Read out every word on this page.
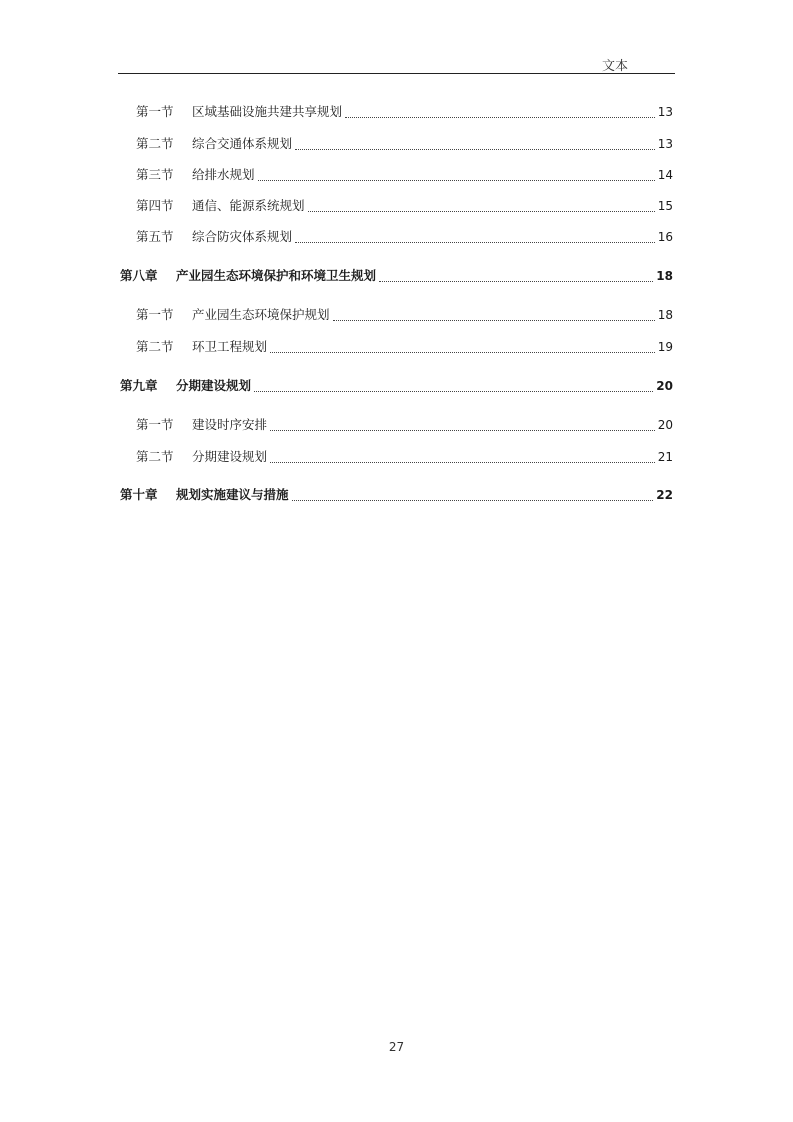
文本
第一节	区域基础设施共建共享规划	13
第二节	综合交通体系规划	13
第三节	给排水规划	14
第四节	通信、能源系统规划	15
第五节	综合防灾体系规划	16
第八章	产业园生态环境保护和环境卫生规划	18
第一节	产业园生态环境保护规划	18
第二节	环卫工程规划	19
第九章	分期建设规划	20
第一节	建设时序安排	20
第二节	分期建设规划	21
第十章	规划实施建议与措施	22
27
